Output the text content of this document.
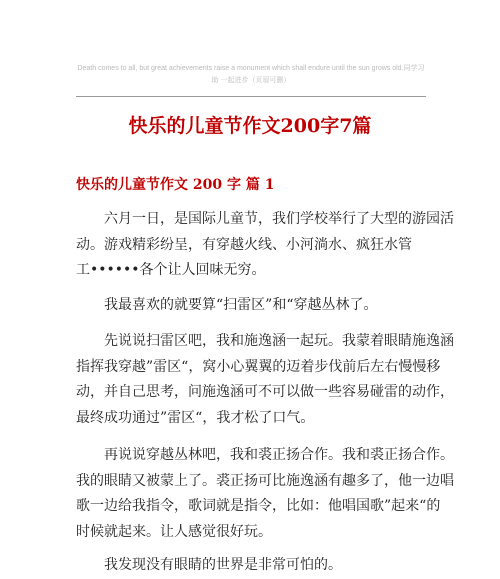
Death comes to all, but great achievements raise a monument which shall endure until the sun grows old.同学习
助 一起进步（页眉可删）
快乐的儿童节作文200字7篇
快乐的儿童节作文 200 字 篇 1
六月一日，是国际儿童节，我们学校举行了大型的游园活
动。游戏精彩纷呈，有穿越火线、小河淌水、疯狂水管
工••••••各个让人回味无穷。
我最喜欢的就要算“扫雷区”和“穿越丛林了。
先说说扫雷区吧，我和施逸涵一起玩。我蒙着眼睛施逸涵
指挥我穿越”雷区“，窝小心翼翼的迈着步伐前后左右慢慢移
动，并自己思考，问施逸涵可不可以做一些容易碰雷的动作，
最终成功通过”雷区“，我才松了口气。
再说说穿越丛林吧，我和裘正扬合作。我和裘正扬合作。
我的眼睛又被蒙上了。裘正扬可比施逸涵有趣多了，他一边唱
歌一边给我指令，歌词就是指令，比如：他唱国歌”起来“的
时候就起来。让人感觉很好玩。
我发现没有眼睛的世界是非常可怕的。
